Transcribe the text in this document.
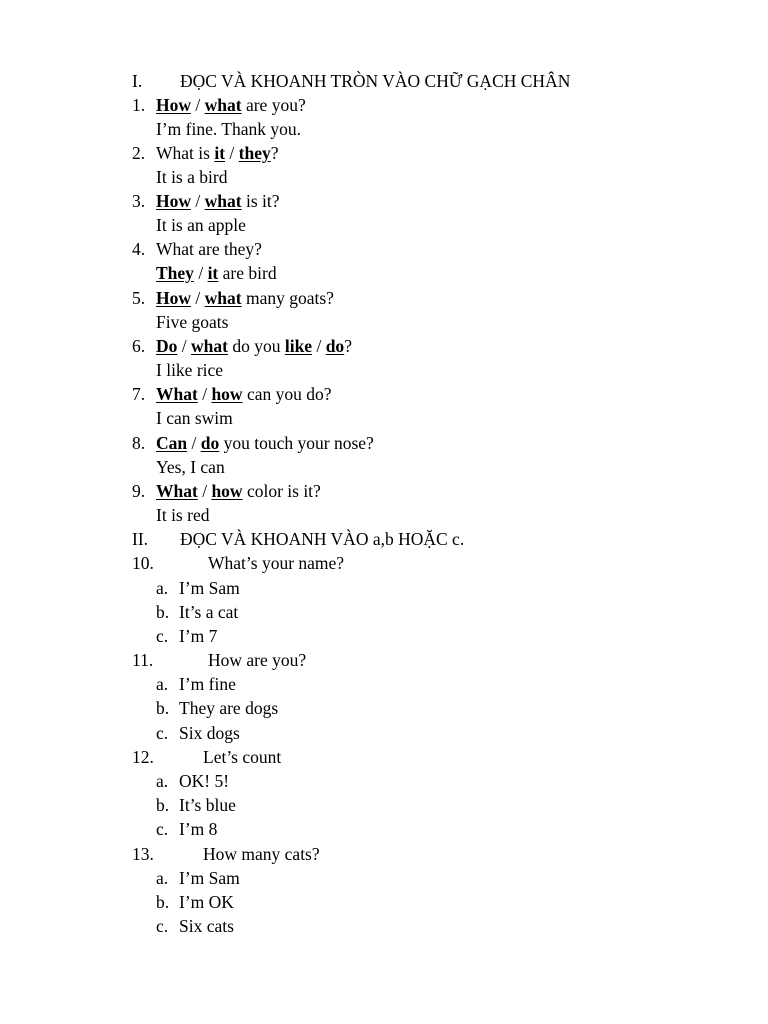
I. ĐỌC VÀ KHOANH TRÒN VÀO CHỮ GẠCH CHÂN
1. How / what are you?
I’m fine. Thank you.
2. What is it / they?
It is a bird
3. How / what is it?
It is an apple
4. What are they?
They / it are bird
5. How / what many goats?
Five goats
6. Do / what do you like / do?
I like rice
7. What / how can you do?
I can swim
8. Can / do you touch your nose?
Yes, I can
9. What / how color is it?
It is red
II. ĐỌC VÀ KHOANH VÀO a,b HOẶC c.
10.	What’s your name?
a. I’m Sam
b. It’s a cat
c. I’m 7
11.	How are you?
a. I’m fine
b. They are dogs
c. Six dogs
12.	Let’s count
a. OK! 5!
b. It’s blue
c. I’m 8
13.	How many cats?
a. I’m Sam
b. I’m OK
c. Six cats
